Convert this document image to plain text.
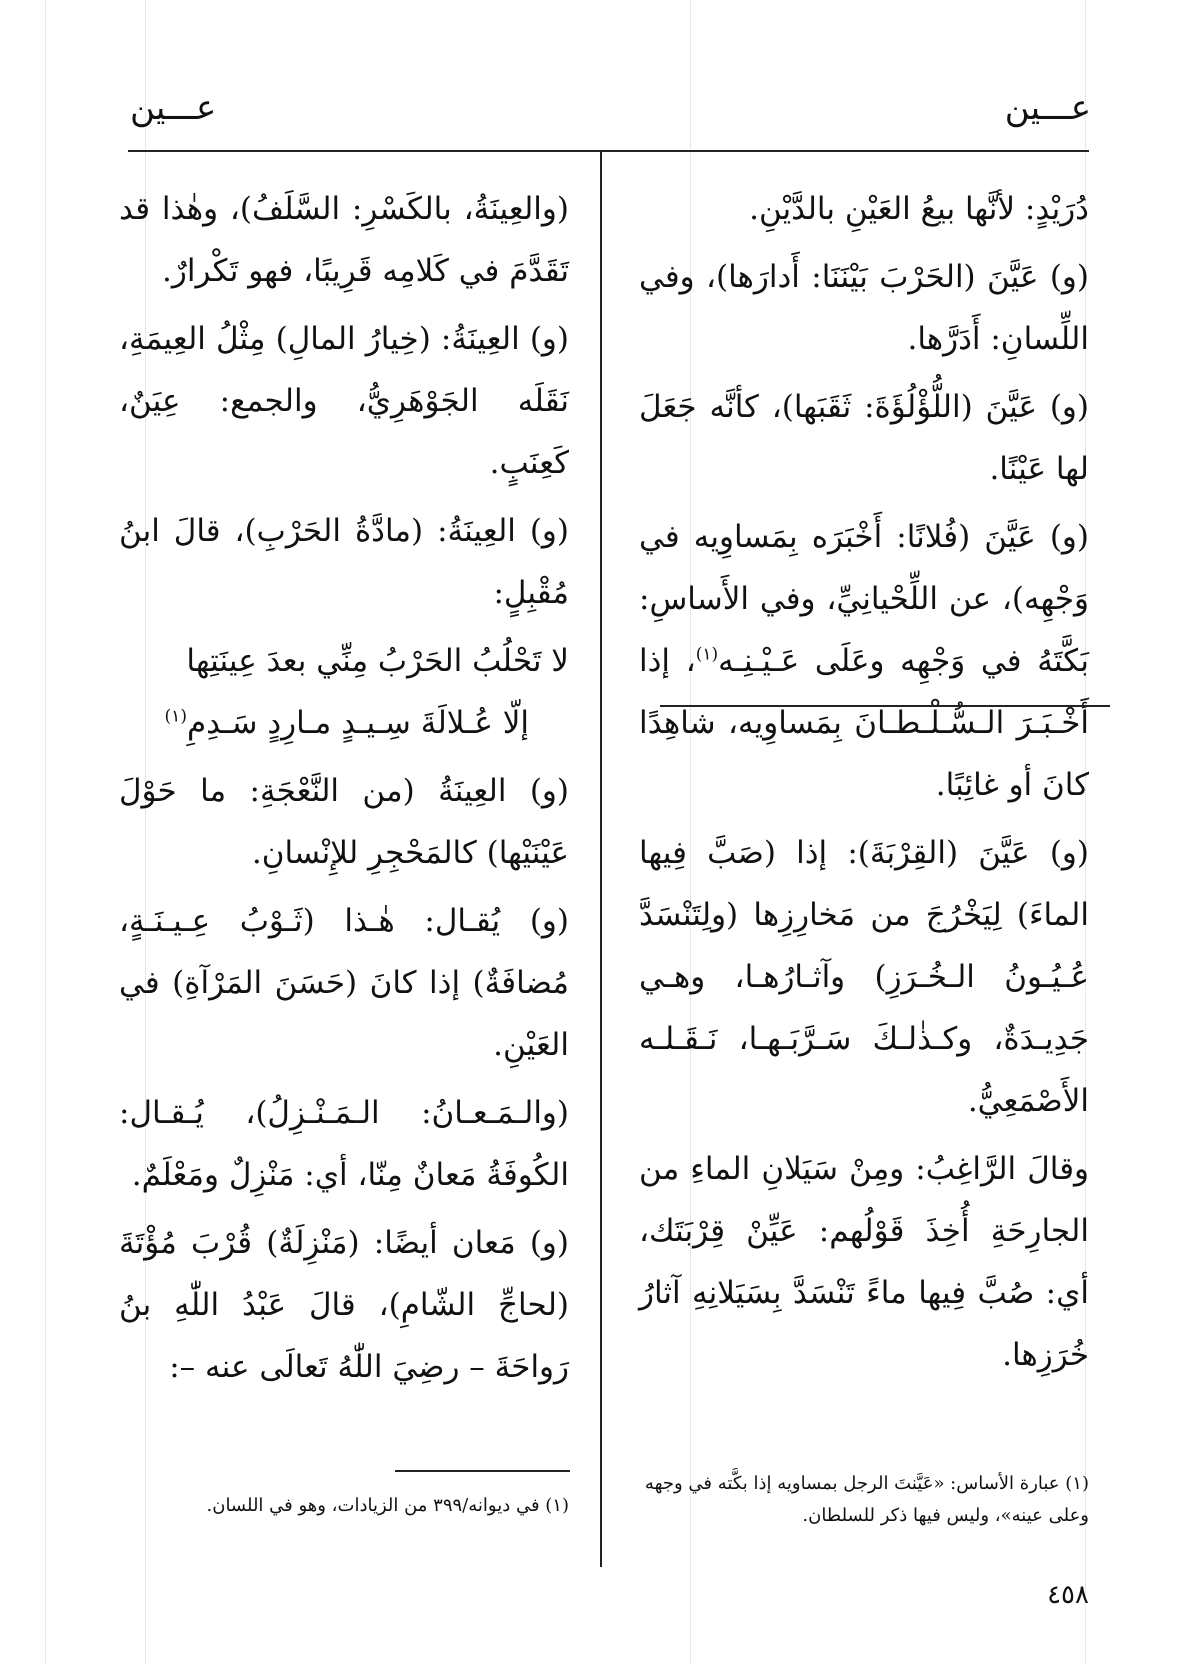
عـــين
عـــين

دُرَيْدٍ: لأنَّها بيعُ العَيْنِ بالدَّيْنِ.

(و) عَيَّنَ (الحَرْبَ بَيْنَنَا: أَدارَها)، وفي اللِّسانِ: أَدَرَّها.

(و) عَيَّنَ (اللُّؤْلُؤَةَ: ثَقَبَها)، كأنَّه جَعَلَ لها عَيْنًا.

(و) عَيَّنَ (فُلانًا: أَخْبَرَه بِمَساوِيه في وَجْهِه)، عن اللِّحْيانِيِّ، وفي الأَساسِ: بَكَّتَهُ في وَجْهِه وعَلَى عَـيْـنِـه$^{(١)}$، إذا أَخْـبَـرَ الـسُّـلْـطـانَ بِمَساوِيه، شاهِدًا كانَ أو غائِبًا.

(و) عَيَّنَ (القِرْبَةَ): إذا (صَبَّ فِيها الماءَ) لِيَخْرُجَ من مَخارِزِها (ولِتَنْسَدَّ عُـيُـونُ الـخُـرَزِ) وآثـارُهـا، وهـي جَدِيـدَةٌ، وكـذٰلـكَ سَـرَّبَـهـا، نَـقَـلـه الأَصْمَعِيُّ.

وقالَ الرَّاغِبُ: ومِنْ سَيَلانِ الماءِ من الجارِحَةِ أُخِذَ قَوْلُهم: عَيِّنْ قِرْبَتَك، أي: صُبَّ فِيها ماءً تَنْسَدَّ بِسَيَلانِهِ آثارُ خُرَزِها.

(والعِينَةُ، بالكَسْرِ: السَّلَفُ)، وهٰذا قد تَقَدَّمَ في كَلامِه قَرِيبًا، فهو تَكْرارٌ.

(و) العِينَةُ: (خِيارُ المالِ) مِثْلُ العِيمَةِ، نَقَلَه الجَوْهَرِيُّ، والجمع: عِيَنٌ، كَعِنَبٍ.

(و) العِينَةُ: (مادَّةُ الحَرْبِ)، قالَ ابنُ مُقْبِلٍ:

لا تَحْلُبُ الحَرْبُ مِنِّي بعدَ عِينَتِها
إلّا عُـلالَةَ سِـيـدٍ مـارِدٍ سَـدِمِ$^{(١)}$

(و) العِينَةُ (من النَّعْجَةِ: ما حَوْلَ عَيْنَيْها) كالمَحْجِرِ للإِنْسانِ.

(و) يُقـال: هٰـذا (ثَـوْبُ عِـيـنَـةٍ، مُضافَةٌ) إذا كانَ (حَسَنَ المَرْآةِ) في العَيْنِ.

(والـمَـعـانُ: الـمَـنْـزِلُ)، يُـقـال: الكُوفَةُ مَعانٌ مِنّا، أي: مَنْزِلٌ ومَعْلَمٌ.

(و) مَعان أيضًا: (مَنْزِلَةٌ) قُرْبَ مُؤْتَةَ (لحاجِّ الشّامِ)، قالَ عَبْدُ اللّٰهِ بنُ رَواحَةَ – رضِيَ اللّٰهُ تَعالَى عنه –:

(١) في ديوانه/٣٩٩ من الزيادات، وهو في اللسان.
(١) عبارة الأساس: «عَيَّنتَ الرجل بمساويه إذا بكَّته في وجهه وعلى عينه»، وليس فيها ذكر للسلطان.
٤٥٨
